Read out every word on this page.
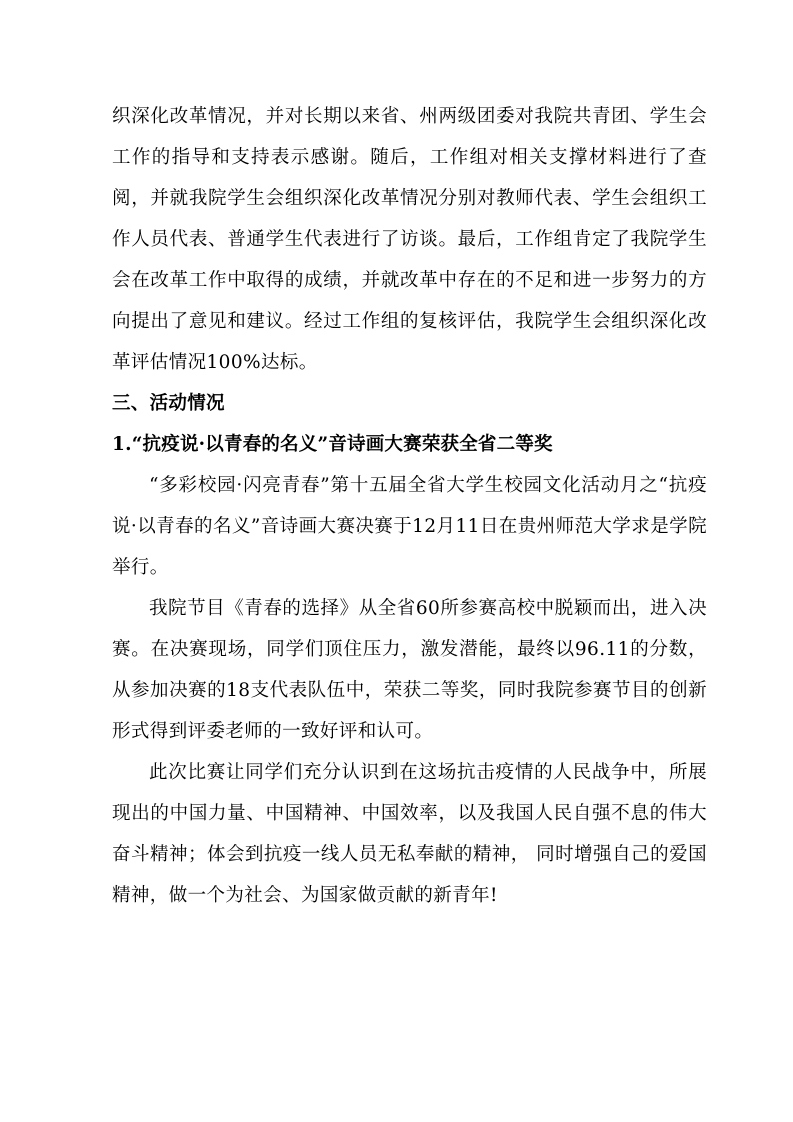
织深化改革情况，并对长期以来省、州两级团委对我院共青团、学生会工作的指导和支持表示感谢。随后，工作组对相关支撑材料进行了查阅，并就我院学生会组织深化改革情况分别对教师代表、学生会组织工作人员代表、普通学生代表进行了访谈。最后，工作组肯定了我院学生会在改革工作中取得的成绩，并就改革中存在的不足和进一步努力的方向提出了意见和建议。经过工作组的复核评估，我院学生会组织深化改革评估情况100%达标。

三、活动情况

1.“抗疫说·以青春的名义”音诗画大赛荣获全省二等奖

“多彩校园·闪亮青春”第十五届全省大学生校园文化活动月之“抗疫说·以青春的名义”音诗画大赛决赛于12月11日在贵州师范大学求是学院举行。

我院节目《青春的选择》从全省60所参赛高校中脱颖而出，进入决赛。在决赛现场，同学们顶住压力，激发潜能，最终以96.11的分数，从参加决赛的18支代表队伍中，荣获二等奖，同时我院参赛节目的创新形式得到评委老师的一致好评和认可。

此次比赛让同学们充分认识到在这场抗击疫情的人民战争中，所展现出的中国力量、中国精神、中国效率，以及我国人民自强不息的伟大奋斗精神；体会到抗疫一线人员无私奉献的精神， 同时增强自己的爱国精神，做一个为社会、为国家做贡献的新青年!
